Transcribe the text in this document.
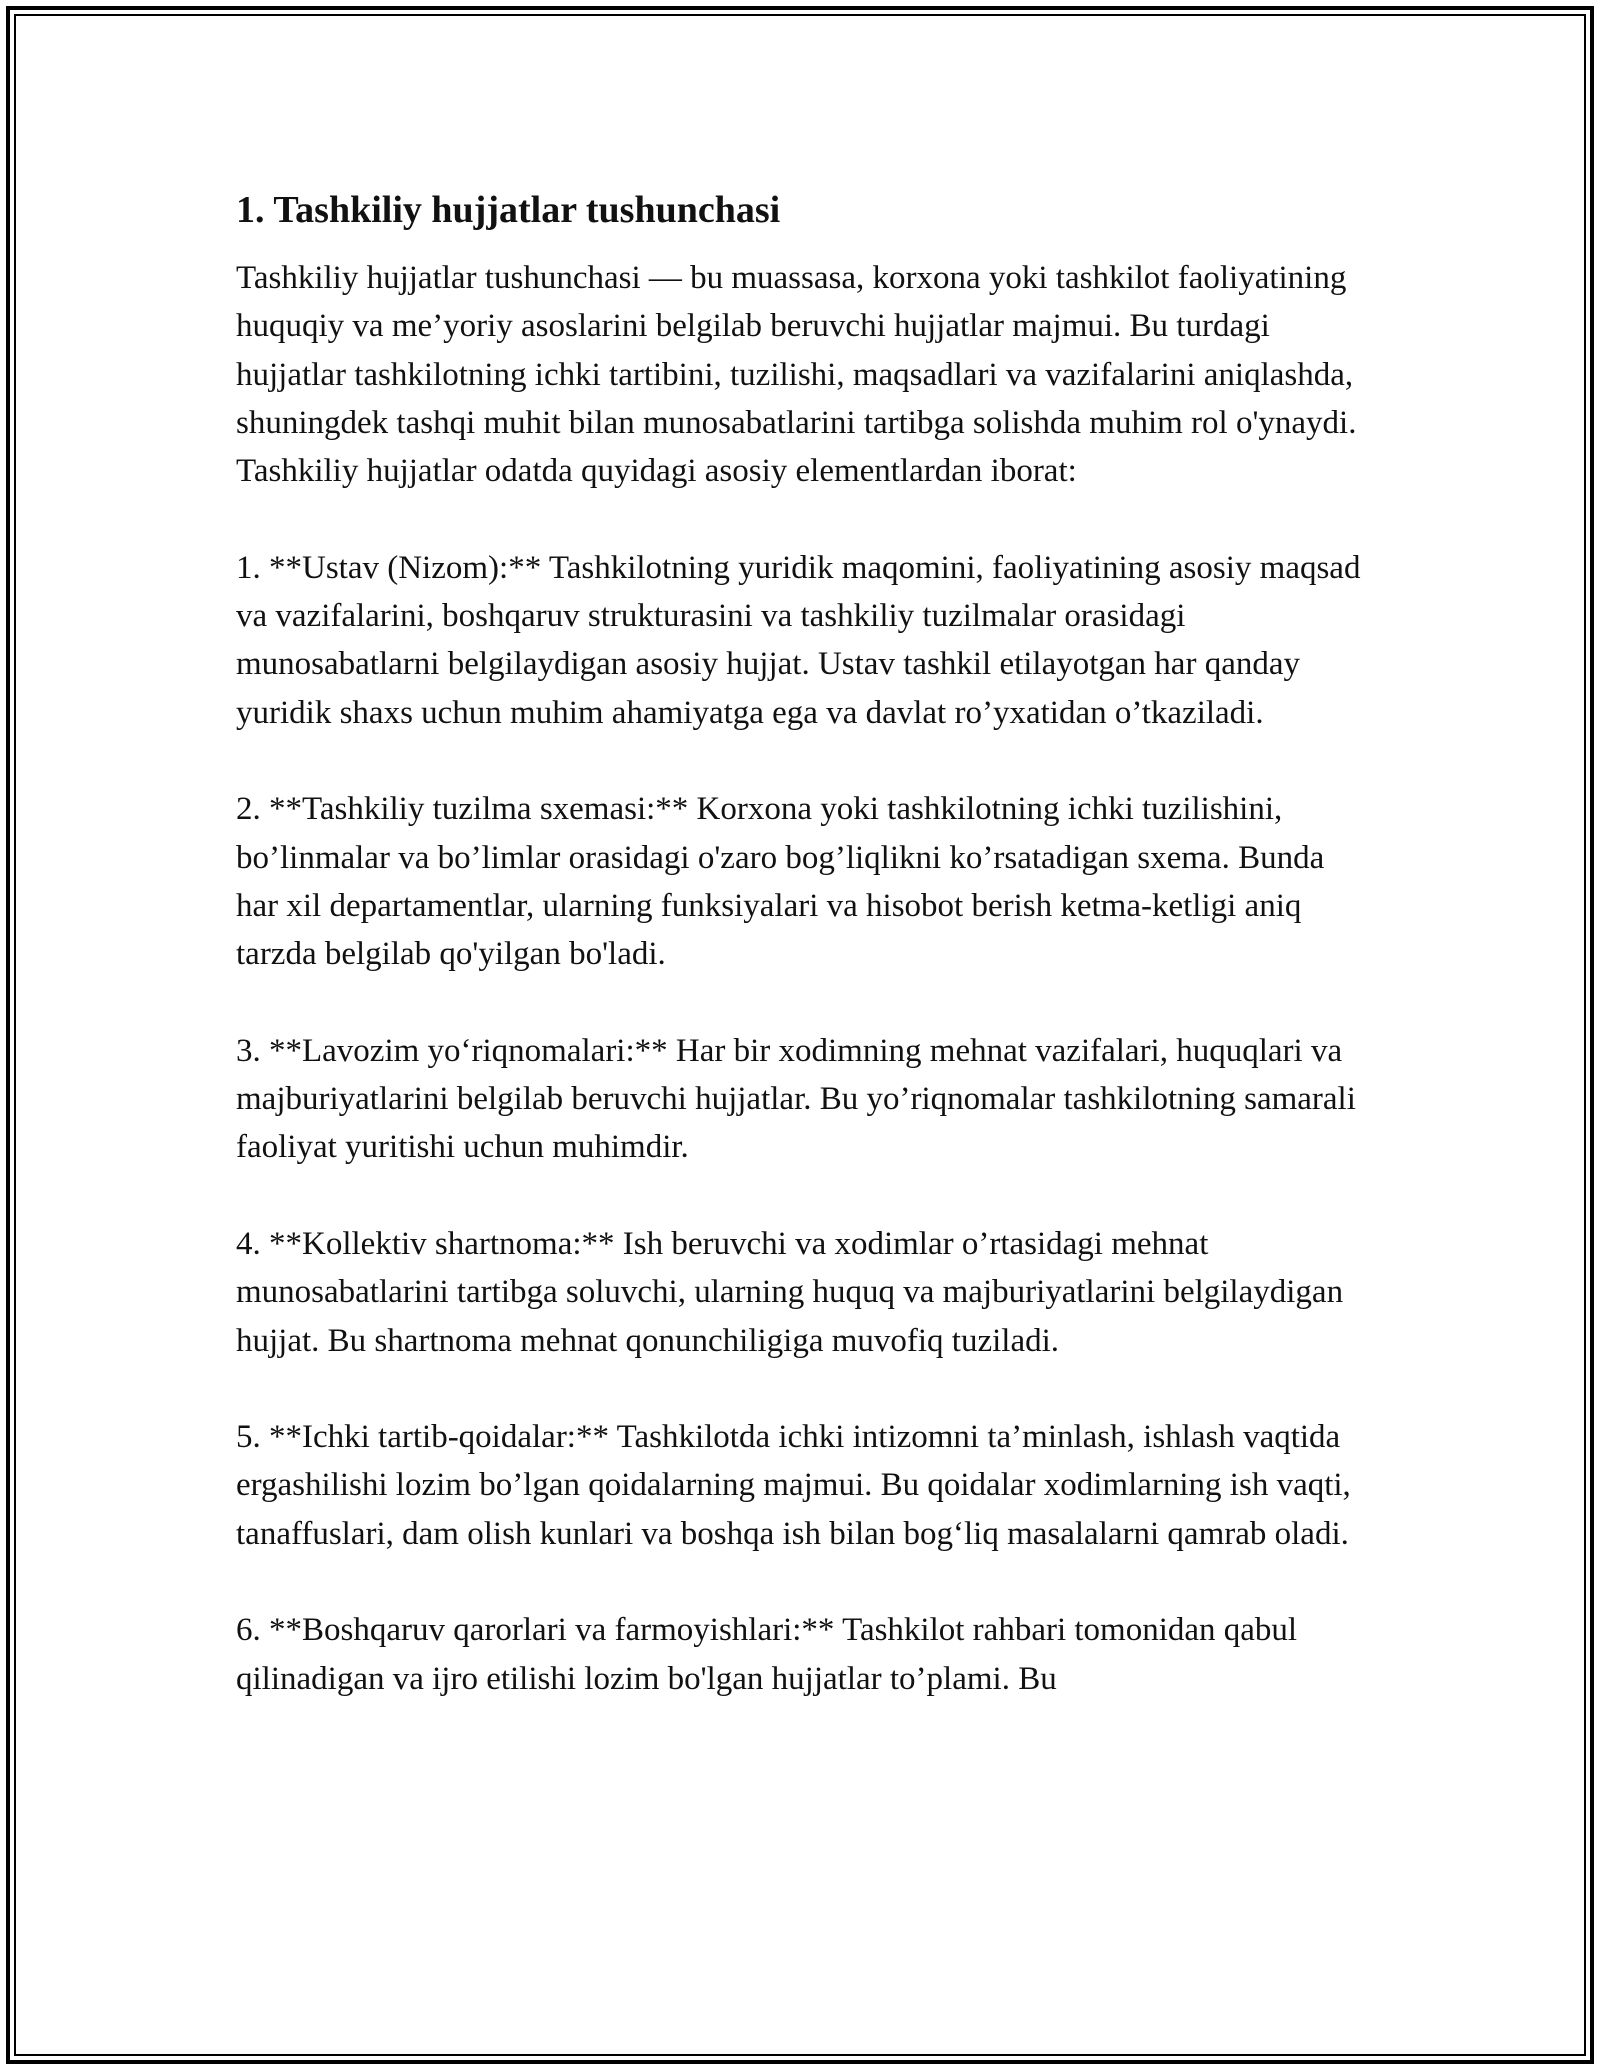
1. Tashkiliy hujjatlar tushunchasi

Tashkiliy hujjatlar tushunchasi — bu muassasa, korxona yoki tashkilot faoliyatining huquqiy va me’yoriy asoslarini belgilab beruvchi hujjatlar majmui. Bu turdagi hujjatlar tashkilotning ichki tartibini, tuzilishi, maqsadlari va vazifalarini aniqlashda, shuningdek tashqi muhit bilan munosabatlarini tartibga solishda muhim rol o'ynaydi. Tashkiliy hujjatlar odatda quyidagi asosiy elementlardan iborat:

1. **Ustav (Nizom):** Tashkilotning yuridik maqomini, faoliyatining asosiy maqsad va vazifalarini, boshqaruv strukturasini va tashkiliy tuzilmalar orasidagi munosabatlarni belgilaydigan asosiy hujjat. Ustav tashkil etilayotgan har qanday yuridik shaxs uchun muhim ahamiyatga ega va davlat ro’yxatidan o’tkaziladi.

2. **Tashkiliy tuzilma sxemasi:** Korxona yoki tashkilotning ichki tuzilishini, bo’linmalar va bo’limlar orasidagi o'zaro bog’liqlikni ko’rsatadigan sxema. Bunda har xil departamentlar, ularning funksiyalari va hisobot berish ketma-ketligi aniq tarzda belgilab qo'yilgan bo'ladi.

3. **Lavozim yo‘riqnomalari:** Har bir xodimning mehnat vazifalari, huquqlari va majburiyatlarini belgilab beruvchi hujjatlar. Bu yo’riqnomalar tashkilotning samarali faoliyat yuritishi uchun muhimdir.

4. **Kollektiv shartnoma:** Ish beruvchi va xodimlar o’rtasidagi mehnat munosabatlarini tartibga soluvchi, ularning huquq va majburiyatlarini belgilaydigan hujjat. Bu shartnoma mehnat qonunchiligiga muvofiq tuziladi.

5. **Ichki tartib-qoidalar:** Tashkilotda ichki intizomni ta’minlash, ishlash vaqtida ergashilishi lozim bo’lgan qoidalarning majmui. Bu qoidalar xodimlarning ish vaqti, tanaffuslari, dam olish kunlari va boshqa ish bilan bog‘liq masalalarni qamrab oladi.

6. **Boshqaruv qarorlari va farmoyishlari:** Tashkilot rahbari tomonidan qabul qilinadigan va ijro etilishi lozim bo'lgan hujjatlar to’plami. Bu
